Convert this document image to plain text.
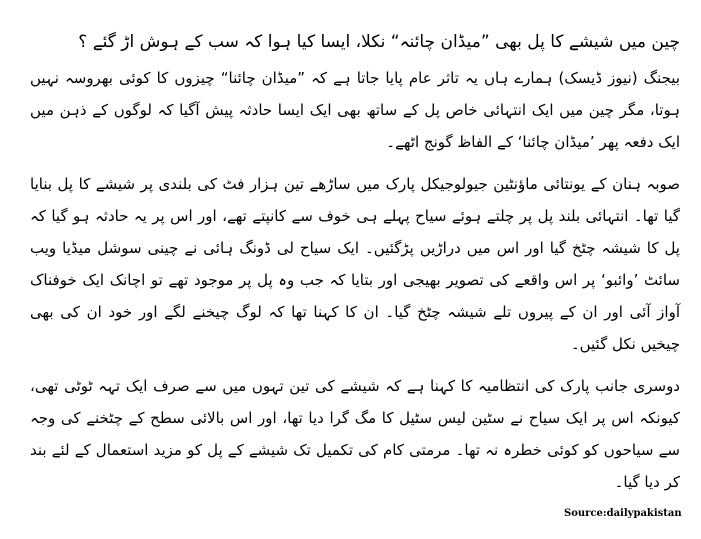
چین میں شیشے کا پل بھی ”میڈان چائنہ“ نکلا، ایسا کیا ہوا کہ سب کے ہوش اڑ گئے ؟

بیجنگ (نیوز ڈیسک) ہمارے ہاں یہ تاثر عام پایا جاتا ہے کہ ”میڈان چائنا“ چیزوں کا کوئی بھروسہ نہیں ہوتا، مگر چین میں ایک انتہائی خاص پل کے ساتھ بھی ایک ایسا حادثہ پیش آگیا کہ لوگوں کے ذہن میں ایک دفعہ پھر ’میڈان چائنا‘ کے الفاظ گونج اٹھے۔

صوبہ ہنان کے یونتائی ماﺅنٹین جیولوجیکل پارک میں ساڑھے تین ہزار فٹ کی بلندی پر شیشے کا پل بنایا گیا تھا۔ انتہائی بلند پل پر چلتے ہوئے سیاح پہلے ہی خوف سے کانپتے تھے، اور اس پر یہ حادثہ ہو گیا کہ پل کا شیشہ چٹخ گیا اور اس میں دراڑیں پڑگئیں۔ ایک سیاح لی ڈونگ ہائی نے چینی سوشل میڈیا ویب سائٹ ’وائبو‘ پر اس واقعے کی تصویر بھیجی اور بتایا کہ جب وہ پل پر موجود تھے تو اچانک ایک خوفناک آواز آئی اور ان کے پیروں تلے شیشہ چٹخ گیا۔ ان کا کہنا تھا کہ لوگ چیخنے لگے اور خود ان کی بھی چیخیں نکل گئیں۔

دوسری جانب پارک کی انتظامیہ کا کہنا ہے کہ شیشے کی تین تہوں میں سے صرف ایک تہہ ٹوٹی تھی، کیونکہ اس پر ایک سیاح نے سٹین لیس سٹیل کا مگ گرا دیا تھا، اور اس بالائی سطح کے چٹخنے کی وجہ سے سیاحوں کو کوئی خطرہ نہ تھا۔ مرمتی کام کی تکمیل تک شیشے کے پل کو مزید استعمال کے لئے بند کر دیا گیا۔

Source:dailypakistan
